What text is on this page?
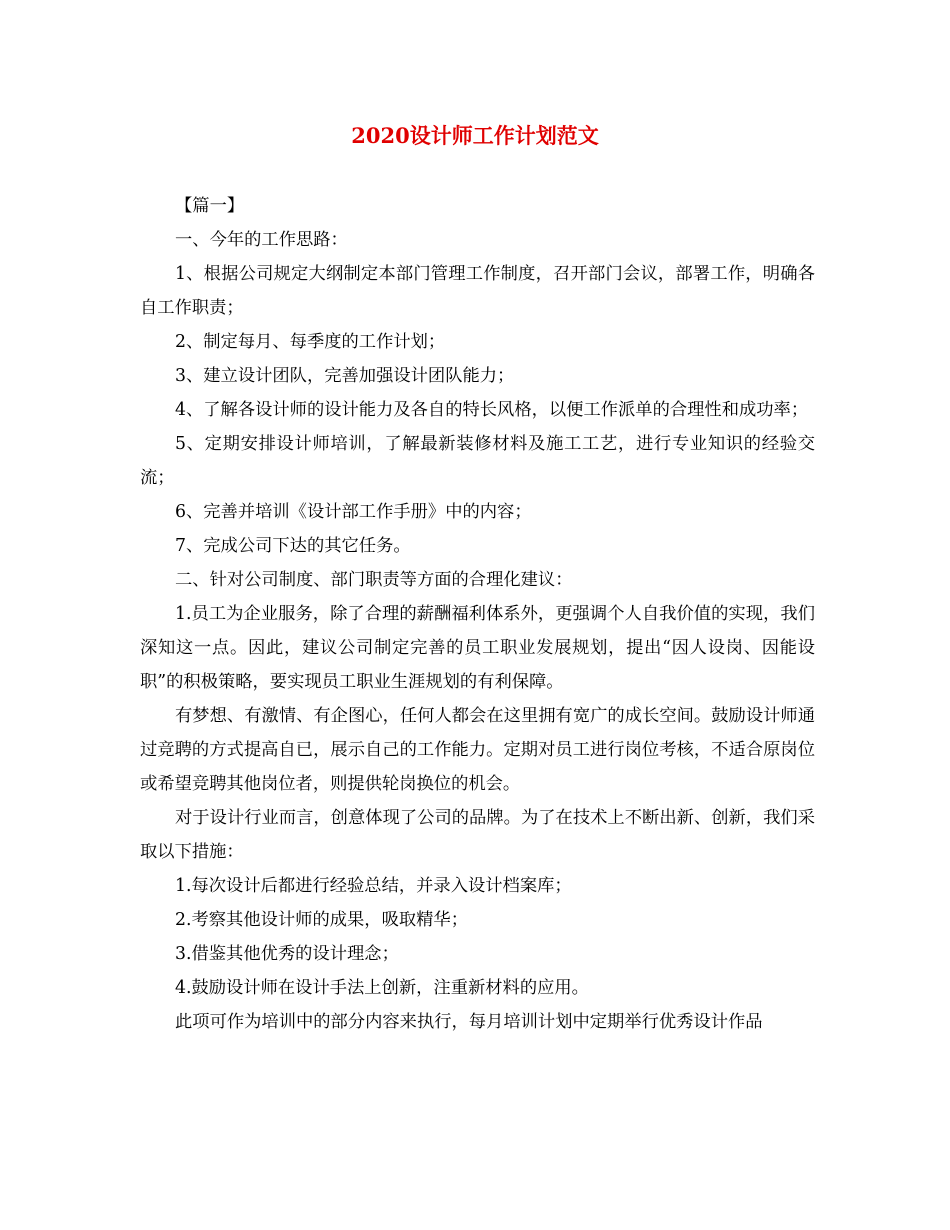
2020设计师工作计划范文

【篇一】

一、今年的工作思路：

1、根据公司规定大纲制定本部门管理工作制度，召开部门会议，部署工作，明确各自工作职责；

2、制定每月、每季度的工作计划；

3、建立设计团队，完善加强设计团队能力；

4、了解各设计师的设计能力及各自的特长风格，以便工作派单的合理性和成功率；

5、定期安排设计师培训，了解最新装修材料及施工工艺，进行专业知识的经验交流；

6、完善并培训《设计部工作手册》中的内容；

7、完成公司下达的其它任务。

二、针对公司制度、部门职责等方面的合理化建议：

1.员工为企业服务，除了合理的薪酬福利体系外，更强调个人自我价值的实现，我们深知这一点。因此，建议公司制定完善的员工职业发展规划，提出“因人设岗、因能设职”的积极策略，要实现员工职业生涯规划的有利保障。

有梦想、有激情、有企图心，任何人都会在这里拥有宽广的成长空间。鼓励设计师通过竞聘的方式提高自已，展示自己的工作能力。定期对员工进行岗位考核，不适合原岗位或希望竞聘其他岗位者，则提供轮岗换位的机会。

对于设计行业而言，创意体现了公司的品牌。为了在技术上不断出新、创新，我们采取以下措施：

1.每次设计后都进行经验总结，并录入设计档案库；

2.考察其他设计师的成果，吸取精华；

3.借鉴其他优秀的设计理念；

4.鼓励设计师在设计手法上创新，注重新材料的应用。

此项可作为培训中的部分内容来执行，每月培训计划中定期举行优秀设计作品
